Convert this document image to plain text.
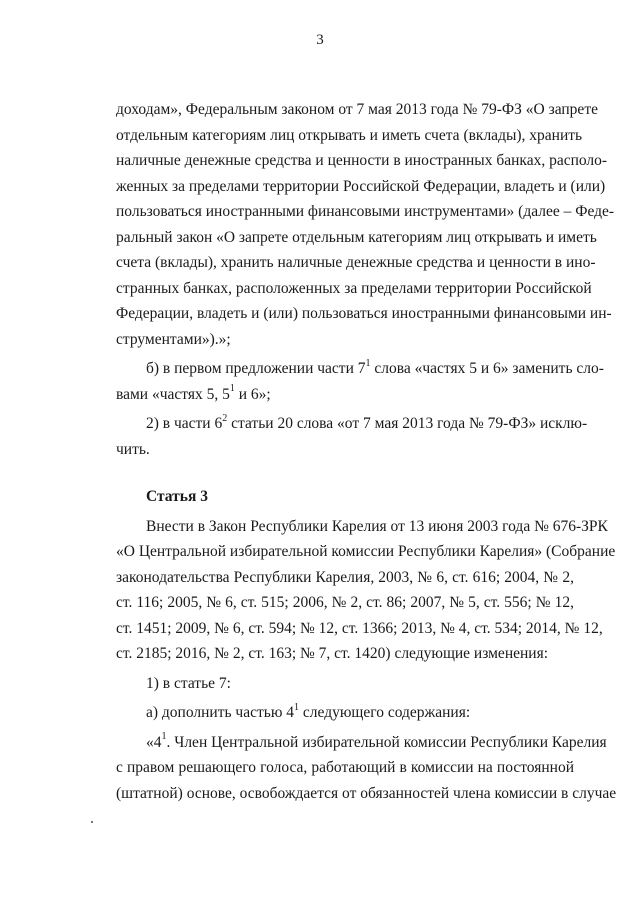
3
доходам», Федеральным законом от 7 мая 2013 года № 79-ФЗ «О запрете
отдельным категориям лиц открывать и иметь счета (вклады), хранить
наличные денежные средства и ценности в иностранных банках, располо-
женных за пределами территории Российской Федерации, владеть и (или)
пользоваться иностранными финансовыми инструментами» (далее – Феде-
ральный закон «О запрете отдельным категориям лиц открывать и иметь
счета (вклады), хранить наличные денежные средства и ценности в ино-
странных банках, расположенных за пределами территории Российской
Федерации, владеть и (или) пользоваться иностранными финансовыми ин-
струментами»).»;
б) в первом предложении части $7^1$ слова «частях 5 и 6» заменить сло-
вами «частях 5, $5^1$ и 6»;
2) в части $6^2$ статьи 20 слова «от 7 мая 2013 года № 79-ФЗ» исклю-
чить.
Статья 3
Внести в Закон Республики Карелия от 13 июня 2003 года № 676-ЗРК
«О Центральной избирательной комиссии Республики Карелия» (Собрание
законодательства Республики Карелия, 2003, № 6, ст. 616; 2004, № 2,
ст. 116; 2005, № 6, ст. 515; 2006, № 2, ст. 86; 2007, № 5, ст. 556; № 12,
ст. 1451; 2009, № 6, ст. 594; № 12, ст. 1366; 2013, № 4, ст. 534; 2014, № 12,
ст. 2185; 2016, № 2, ст. 163; № 7, ст. 1420) следующие изменения:
1) в статье 7:
а) дополнить частью $4^1$ следующего содержания:
«$4^1$. Член Центральной избирательной комиссии Республики Карелия
с правом решающего голоса, работающий в комиссии на постоянной
(штатной) основе, освобождается от обязанностей члена комиссии в случае
